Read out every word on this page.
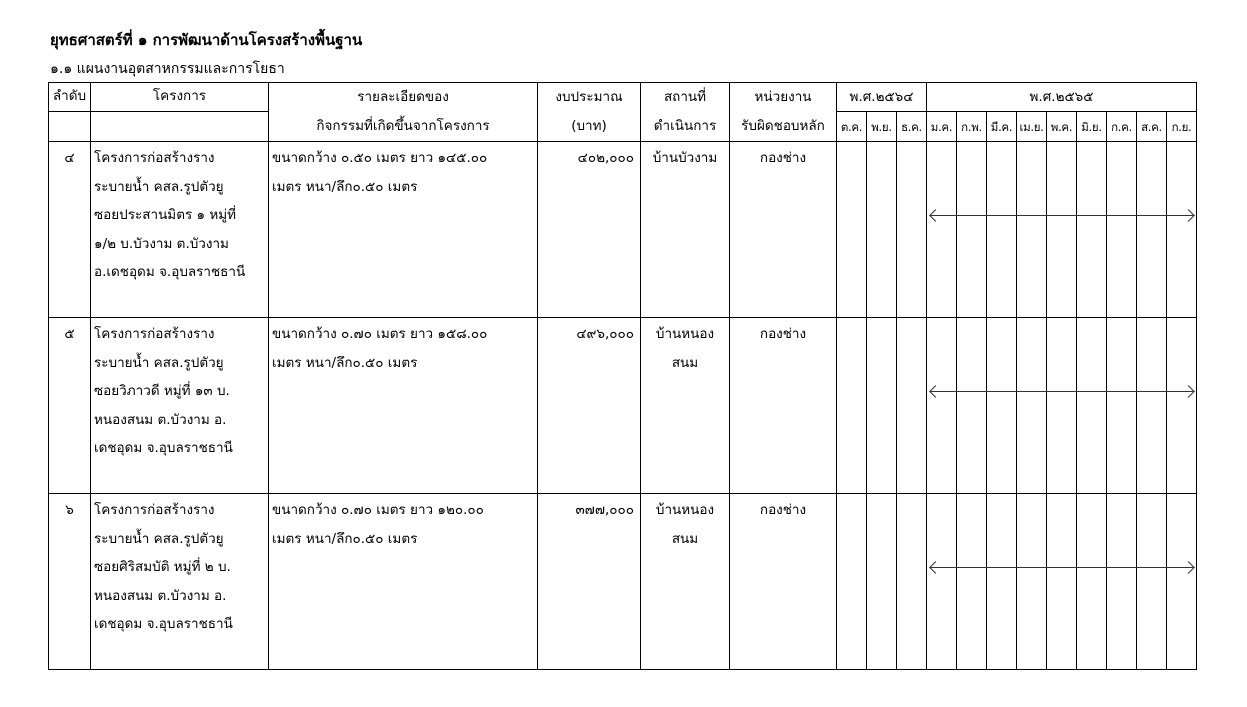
ยุทธศาสตร์ที่ ๑ การพัฒนาด้านโครงสร้างพื้นฐาน
๑.๑ แผนงานอุตสาหกรรมและการโยธา
ลำดับ	โครงการ	รายละเอียดของ	งบประมาณ	สถานที่	หน่วยงาน	พ.ศ.๒๕๖๔			พ.ศ.๒๕๖๕								
		กิจกรรมที่เกิดขึ้นจากโครงการ	(บาท)	ดำเนินการ	รับผิดชอบหลัก	ต.ค.	พ.ย.	ธ.ค.	ม.ค.	ก.พ.	มี.ค.	เม.ย.	พ.ค.	มิ.ย.	ก.ค.	ส.ค.	ก.ย.
๔	โครงการก่อสร้างราง
ระบายน้ำ คสล.รูปตัวยู
ซอยประสานมิตร ๑ หมู่ที่
๑/๒ บ.บัวงาม ต.บัวงาม
อ.เดชอุดม จ.อุบลราชธานี	ขนาดกว้าง ๐.๕๐ เมตร ยาว ๑๔๕.๐๐
เมตร หนา/ลึก๐.๕๐ เมตร	๔๐๒,๐๐๐	บ้านบัวงาม	กองช่าง												
๕	โครงการก่อสร้างราง
ระบายน้ำ คสล.รูปตัวยู
ซอยวิภาวดี หมู่ที่ ๑๓ บ.
หนองสนม ต.บัวงาม อ.
เดชอุดม จ.อุบลราชธานี	ขนาดกว้าง ๐.๗๐ เมตร ยาว ๑๕๘.๐๐
เมตร หนา/ลึก๐.๕๐ เมตร	๔๙๖,๐๐๐	บ้านหนอง
สนม	กองช่าง												
๖	โครงการก่อสร้างราง
ระบายน้ำ คสล.รูปตัวยู
ซอยศิริสมบัติ หมู่ที่ ๒ บ.
หนองสนม ต.บัวงาม อ.
เดชอุดม จ.อุบลราชธานี	ขนาดกว้าง ๐.๗๐ เมตร ยาว ๑๒๐.๐๐
เมตร หนา/ลึก๐.๕๐ เมตร	๓๗๗,๐๐๐	บ้านหนอง
สนม	กองช่าง												
